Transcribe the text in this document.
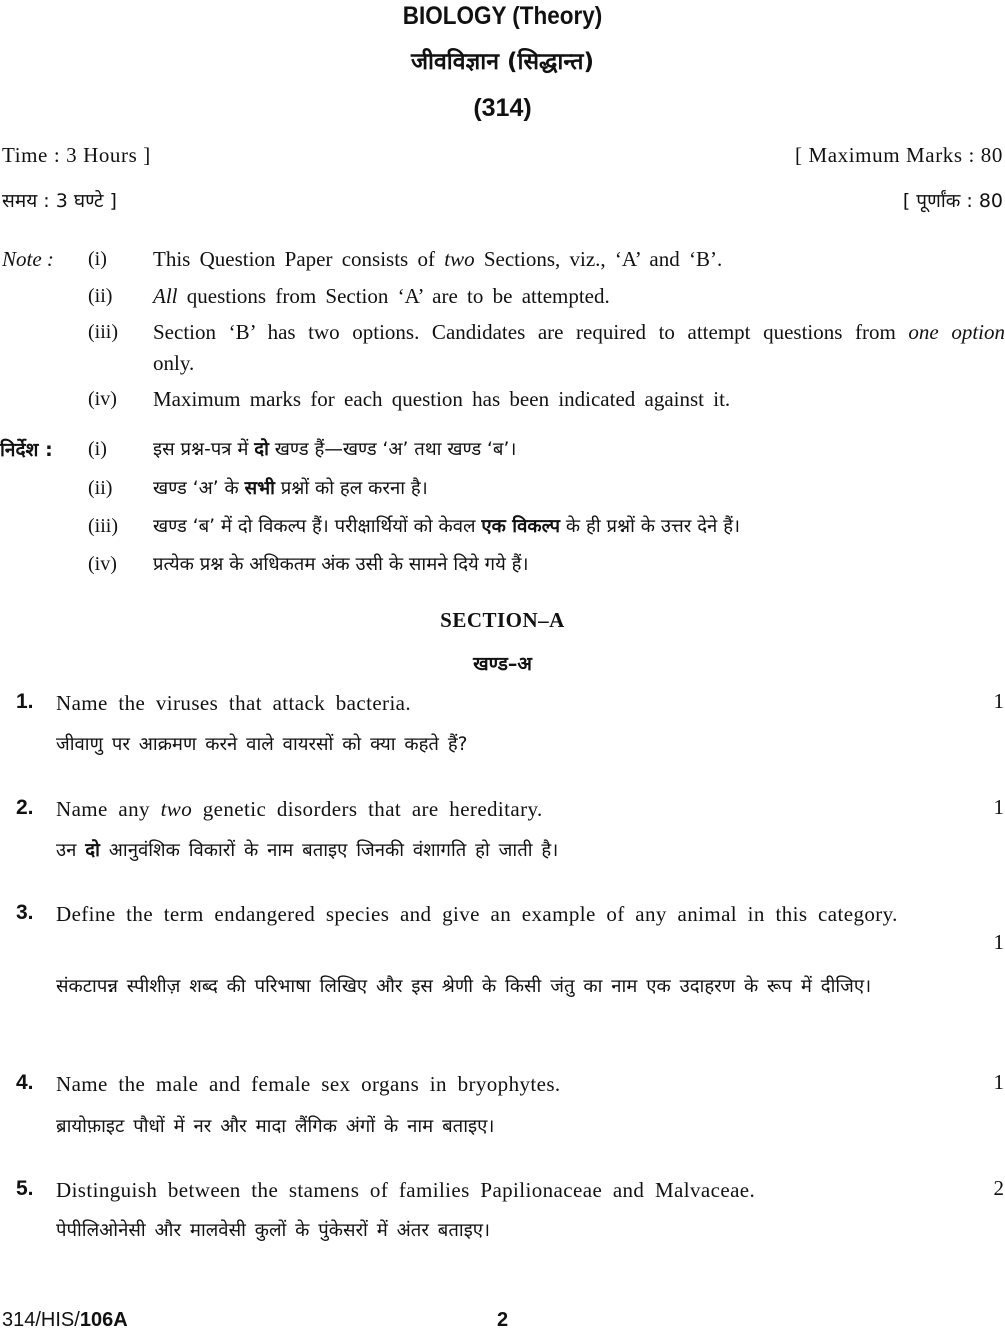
BIOLOGY (Theory)
जीवविज्ञान (सिद्धान्त)
(314)
Time : 3 Hours ]	[ Maximum Marks : 80
समय : 3 घण्टे ]	[ पूर्णांक : 80
Note : (i) This Question Paper consists of two Sections, viz., ‘A’ and ‘B’.
(ii) All questions from Section ‘A’ are to be attempted.
(iii) Section ‘B’ has two options. Candidates are required to attempt questions from one option only.
(iv) Maximum marks for each question has been indicated against it.
निर्देश : (i) इस प्रश्न-पत्र में दो खण्ड हैं—खण्ड ‘अ’ तथा खण्ड ‘ब’।
(ii) खण्ड ‘अ’ के सभी प्रश्नों को हल करना है।
(iii) खण्ड ‘ब’ में दो विकल्प हैं। परीक्षार्थियों को केवल एक विकल्प के ही प्रश्नों के उत्तर देने हैं।
(iv) प्रत्येक प्रश्न के अधिकतम अंक उसी के सामने दिये गये हैं।
SECTION–A
खण्ड–अ
1. Name the viruses that attack bacteria.	1
जीवाणु पर आक्रमण करने वाले वायरसों को क्या कहते हैं?
2. Name any two genetic disorders that are hereditary.	1
उन दो आनुवंशिक विकारों के नाम बताइए जिनकी वंशागति हो जाती है।
3. Define the term endangered species and give an example of any animal in this category.
1
संकटापन्न स्पीशीज़ शब्द की परिभाषा लिखिए और इस श्रेणी के किसी जंतु का नाम एक उदाहरण के रूप में दीजिए।
4. Name the male and female sex organs in bryophytes.	1
ब्रायोफ़ाइट पौधों में नर और मादा लैंगिक अंगों के नाम बताइए।
5. Distinguish between the stamens of families Papilionaceae and Malvaceae.	2
पेपीलिओनेसी और मालवेसी कुलों के पुंकेसरों में अंतर बताइए।
314/HIS/106A	2
